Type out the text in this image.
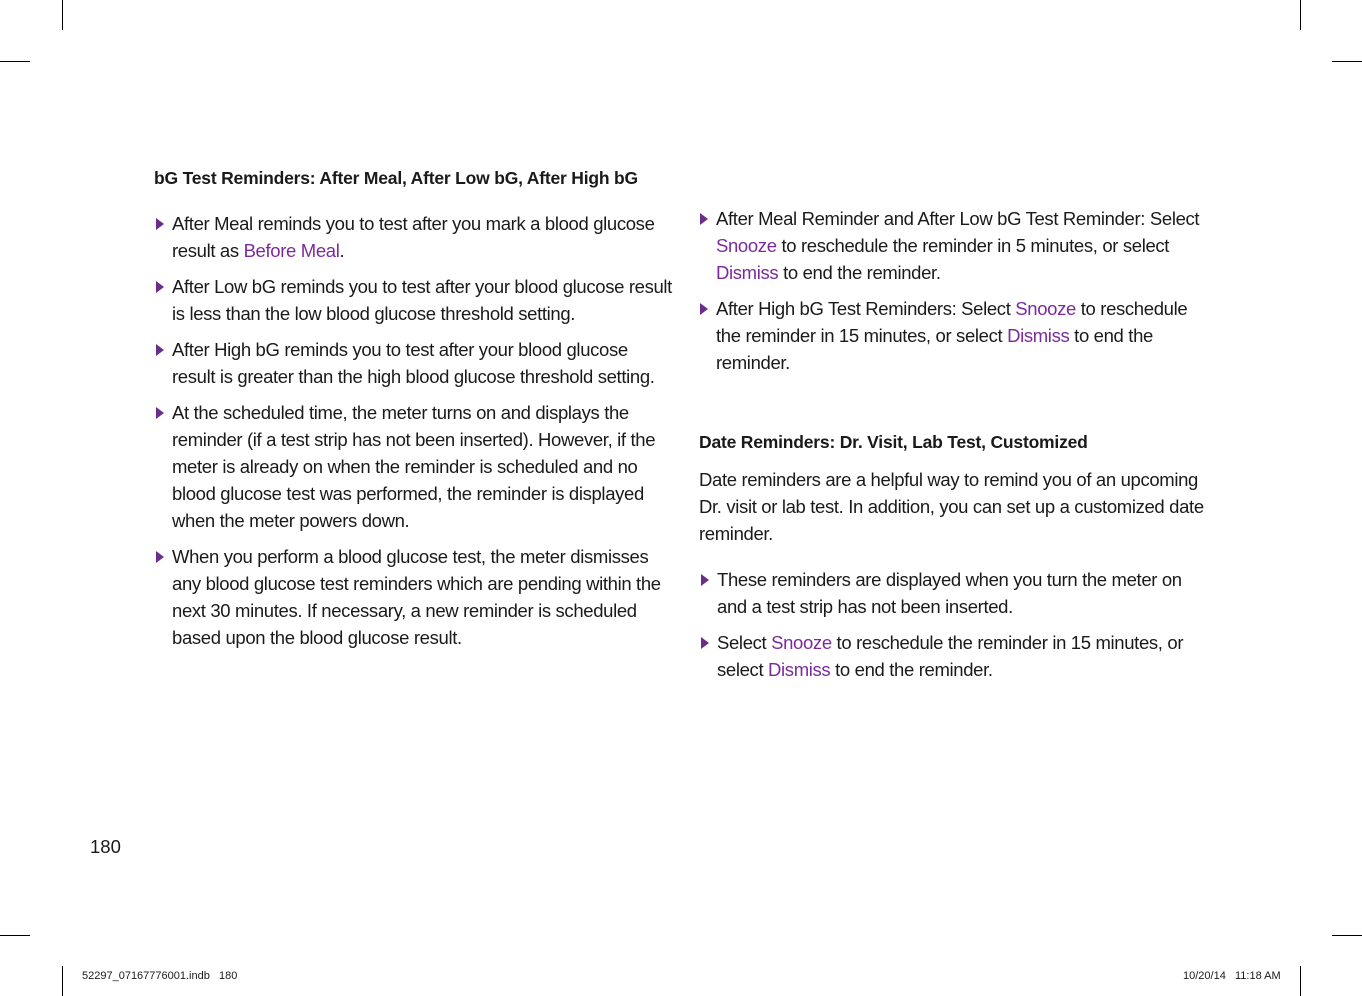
bG Test Reminders: After Meal, After Low bG, After High bG
After Meal reminds you to test after you mark a blood glucose result as Before Meal.
After Low bG reminds you to test after your blood glucose result is less than the low blood glucose threshold setting.
After High bG reminds you to test after your blood glucose result is greater than the high blood glucose threshold setting.
At the scheduled time, the meter turns on and displays the reminder (if a test strip has not been inserted). However, if the meter is already on when the reminder is scheduled and no blood glucose test was performed, the reminder is displayed when the meter powers down.
When you perform a blood glucose test, the meter dismisses any blood glucose test reminders which are pending within the next 30 minutes. If necessary, a new reminder is scheduled based upon the blood glucose result.
After Meal Reminder and After Low bG Test Reminder: Select Snooze to reschedule the reminder in 5 minutes, or select Dismiss to end the reminder.
After High bG Test Reminders: Select Snooze to reschedule the reminder in 15 minutes, or select Dismiss to end the reminder.
Date Reminders: Dr. Visit, Lab Test, Customized
Date reminders are a helpful way to remind you of an upcoming Dr. visit or lab test. In addition, you can set up a customized date reminder.
These reminders are displayed when you turn the meter on and a test strip has not been inserted.
Select Snooze to reschedule the reminder in 15 minutes, or select Dismiss to end the reminder.
180
52297_07167776001.indb   180	10/20/14   11:18 AM
